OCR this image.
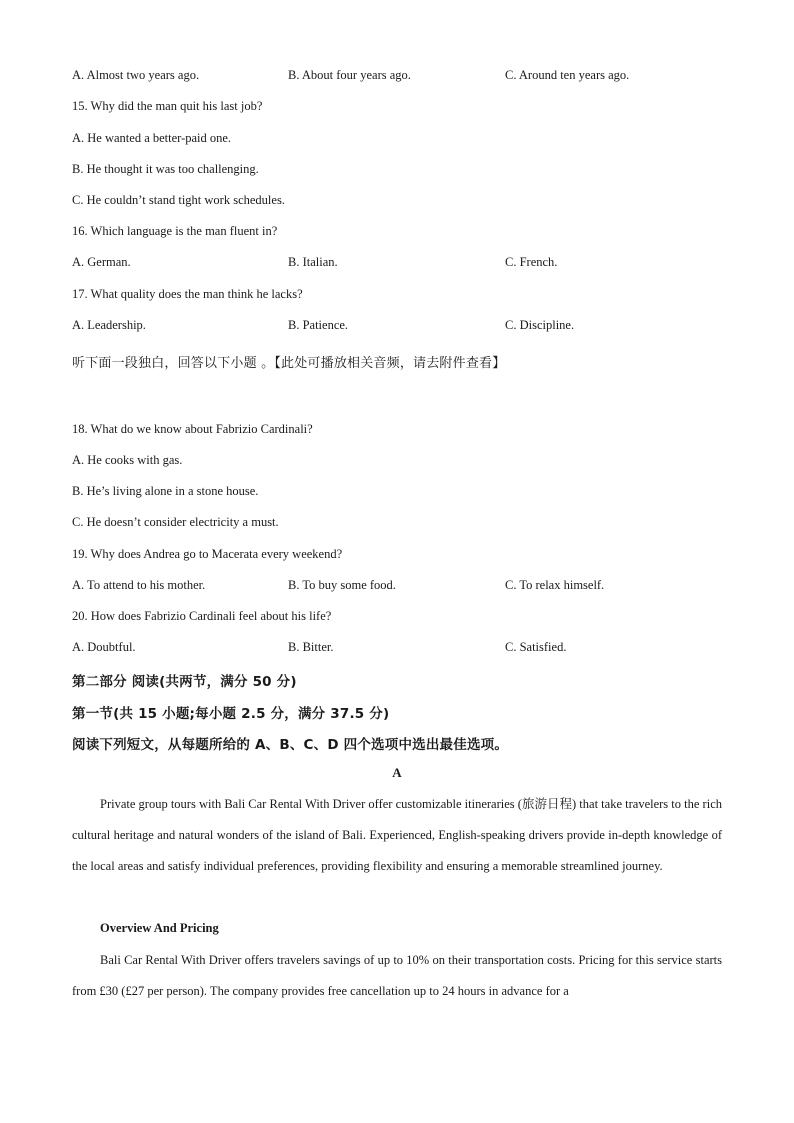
A. Almost two years ago.	B. About four years ago.	C. Around ten years ago.
15. Why did the man quit his last job?
A. He wanted a better-paid one.
B. He thought it was too challenging.
C. He couldn’t stand tight work schedules.
16. Which language is the man fluent in?
A. German.	B. Italian.	C. French.
17. What quality does the man think he lacks?
A. Leadership.	B. Patience.	C. Discipline.
听下面一段独白，回答以下小题 。【此处可播放相关音频，请去附件查看】
18. What do we know about Fabrizio Cardinali?
A. He cooks with gas.
B. He’s living alone in a stone house.
C. He doesn’t consider electricity a must.
19. Why does Andrea go to Macerata every weekend?
A. To attend to his mother.	B. To buy some food.	C. To relax himself.
20. How does Fabrizio Cardinali feel about his life?
A. Doubtful.	B. Bitter.	C. Satisfied.
第二部分 阅读(共两节，满分 50 分)
第一节(共 15 小题;每小题 2.5 分，满分 37.5 分)
阅读下列短文，从每题所给的 A、B、C、D 四个选项中选出最佳选项。
A
Private group tours with Bali Car Rental With Driver offer customizable itineraries (旅游日程) that take travelers to the rich cultural heritage and natural wonders of the island of Bali. Experienced, English-speaking drivers provide in-depth knowledge of the local areas and satisfy individual preferences, providing flexibility and ensuring a memorable streamlined journey.
Overview And Pricing
Bali Car Rental With Driver offers travelers savings of up to 10% on their transportation costs. Pricing for this service starts from £30 (£27 per person). The company provides free cancellation up to 24 hours in advance for a
